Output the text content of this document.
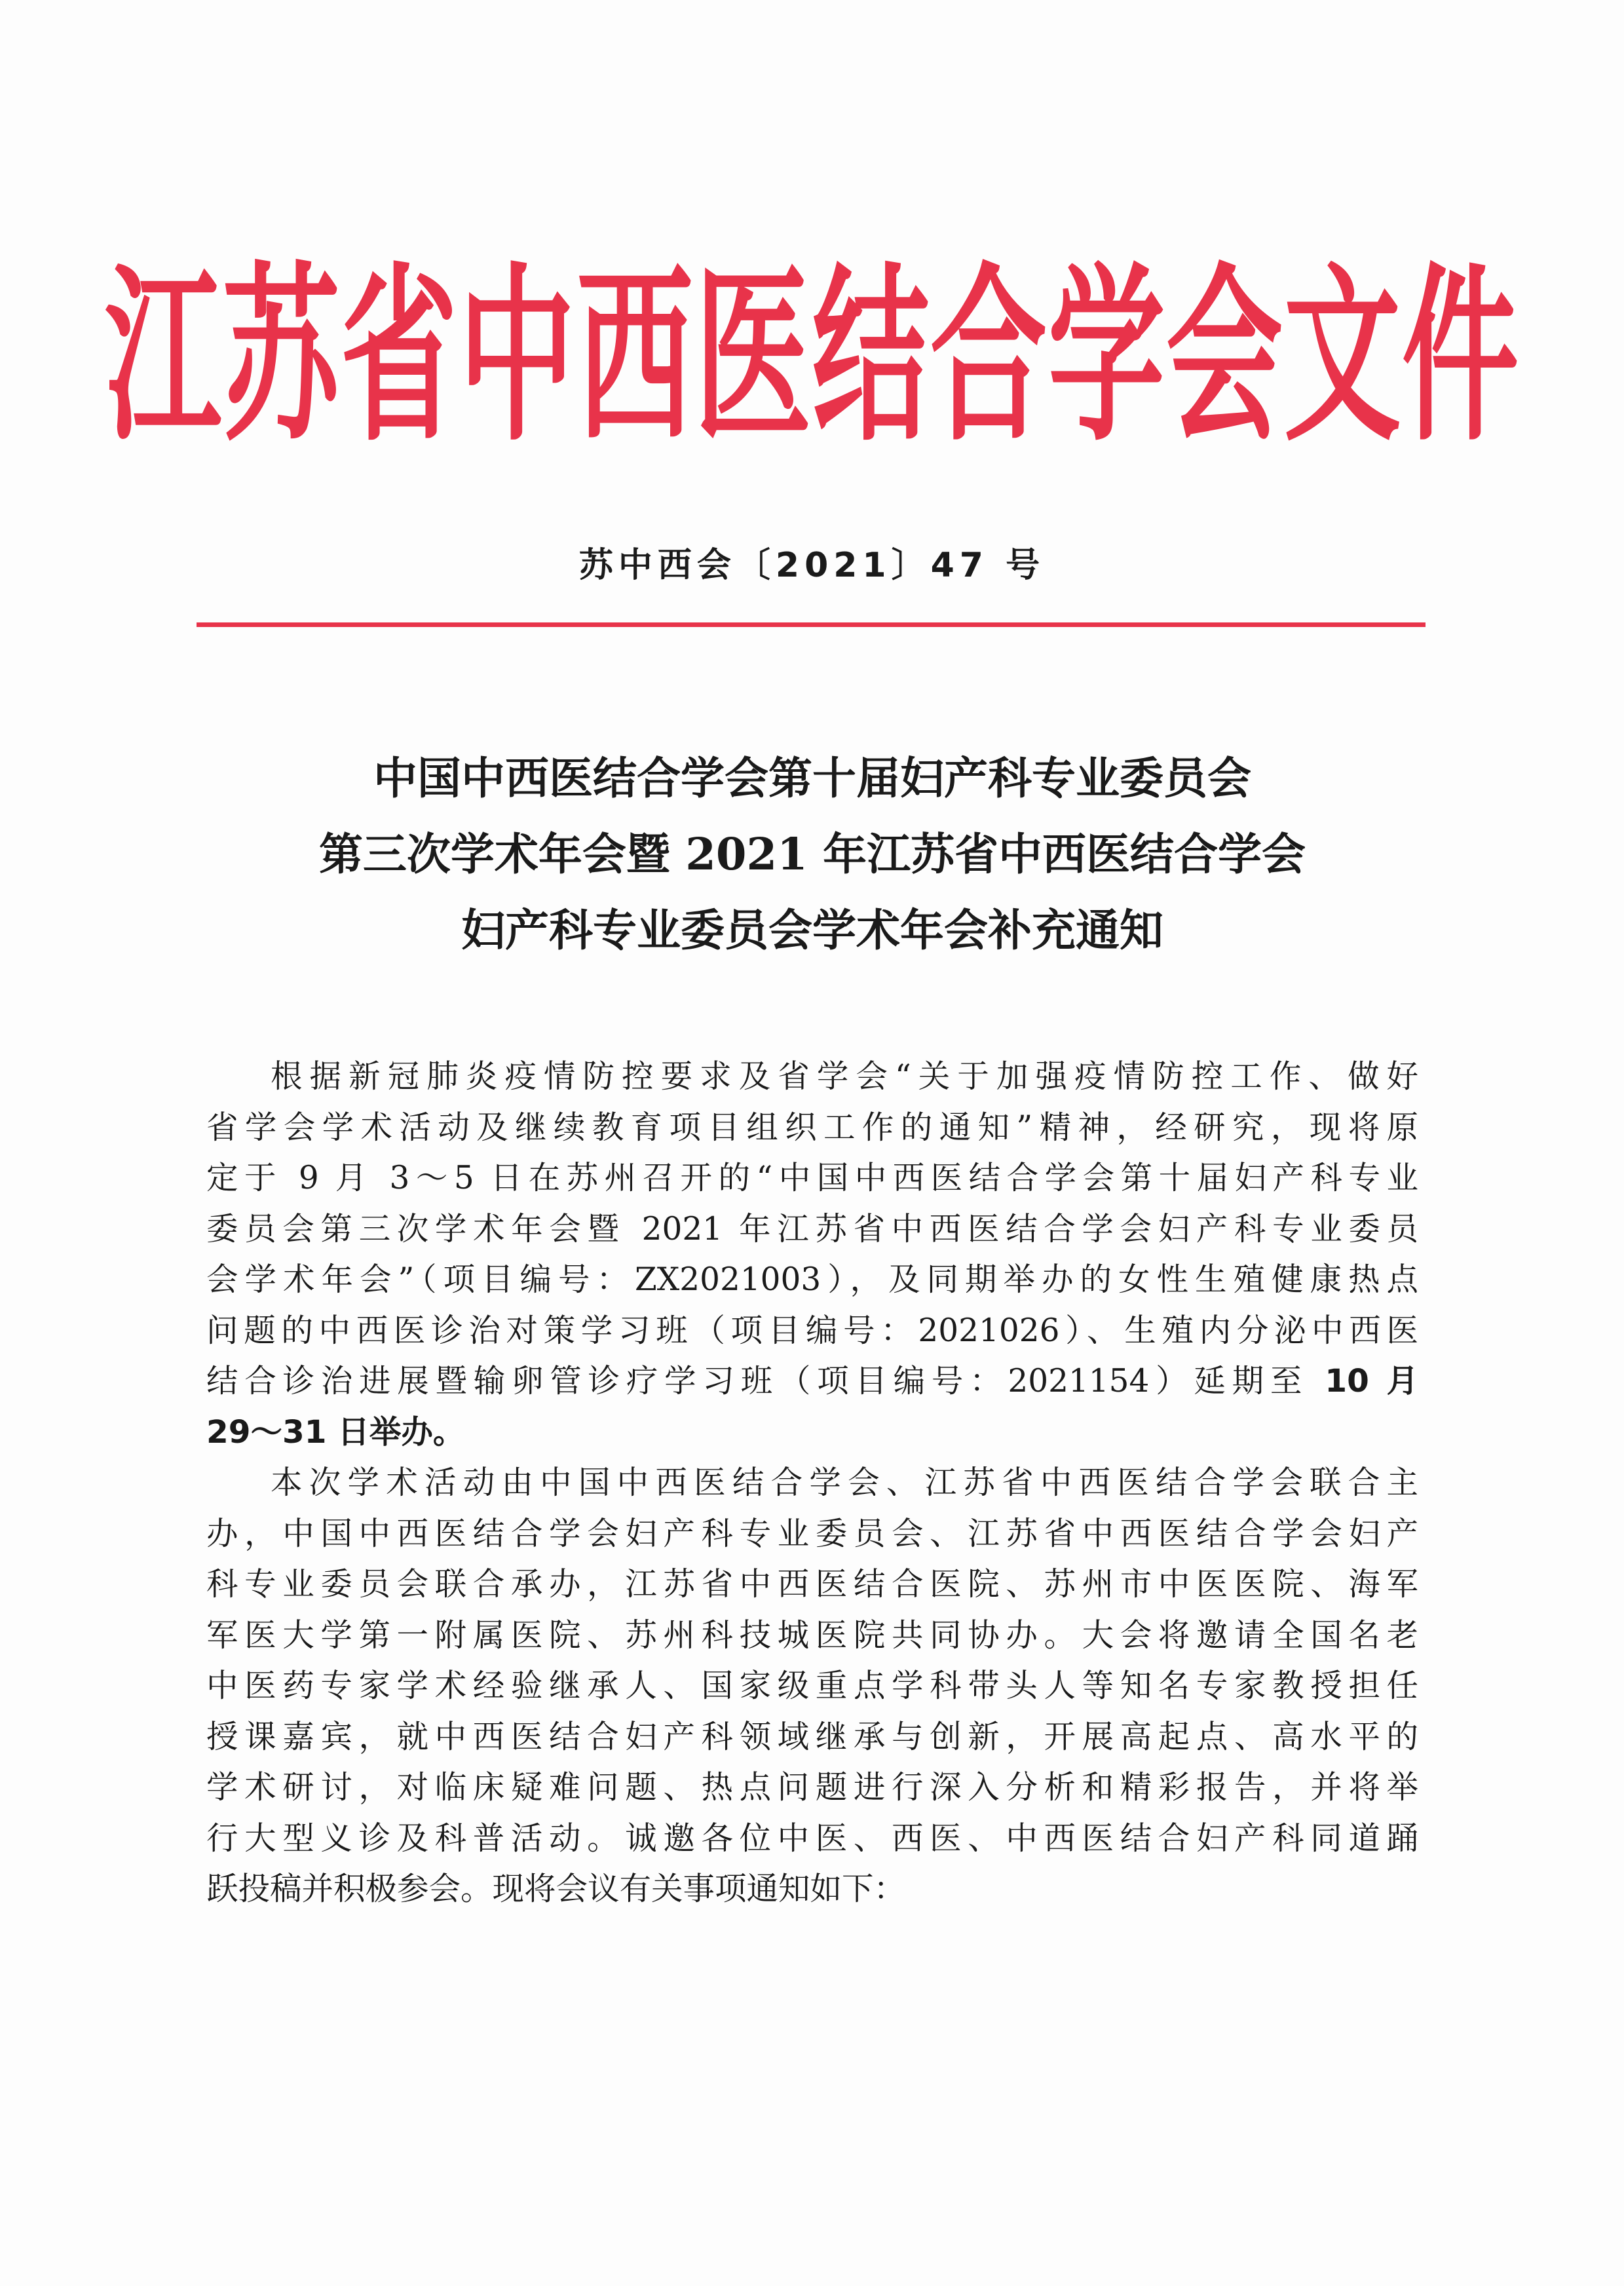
江苏省中西医结合学会文件
苏中西会〔2021〕47 号
中国中西医结合学会第十届妇产科专业委员会
第三次学术年会暨 2021 年江苏省中西医结合学会
妇产科专业委员会学术年会补充通知
根据新冠肺炎疫情防控要求及省学会“关于加强疫情防控工作、做好
省学会学术活动及继续教育项目组织工作的通知”精神，经研究，现将原
定于 9 月 3～5 日在苏州召开的“中国中西医结合学会第十届妇产科专业
委员会第三次学术年会暨 2021 年江苏省中西医结合学会妇产科专业委员
会学术年会”（项目编号：ZX2021003），及同期举办的女性生殖健康热点
问题的中西医诊治对策学习班（项目编号：2021026）、生殖内分泌中西医
结合诊治进展暨输卵管诊疗学习班（项目编号：2021154）延期至 10 月
29～31 日举办。
本次学术活动由中国中西医结合学会、江苏省中西医结合学会联合主
办，中国中西医结合学会妇产科专业委员会、江苏省中西医结合学会妇产
科专业委员会联合承办，江苏省中西医结合医院、苏州市中医医院、海军
军医大学第一附属医院、苏州科技城医院共同协办。大会将邀请全国名老
中医药专家学术经验继承人、国家级重点学科带头人等知名专家教授担任
授课嘉宾，就中西医结合妇产科领域继承与创新，开展高起点、高水平的
学术研讨，对临床疑难问题、热点问题进行深入分析和精彩报告，并将举
行大型义诊及科普活动。诚邀各位中医、西医、中西医结合妇产科同道踊
跃投稿并积极参会。现将会议有关事项通知如下：
